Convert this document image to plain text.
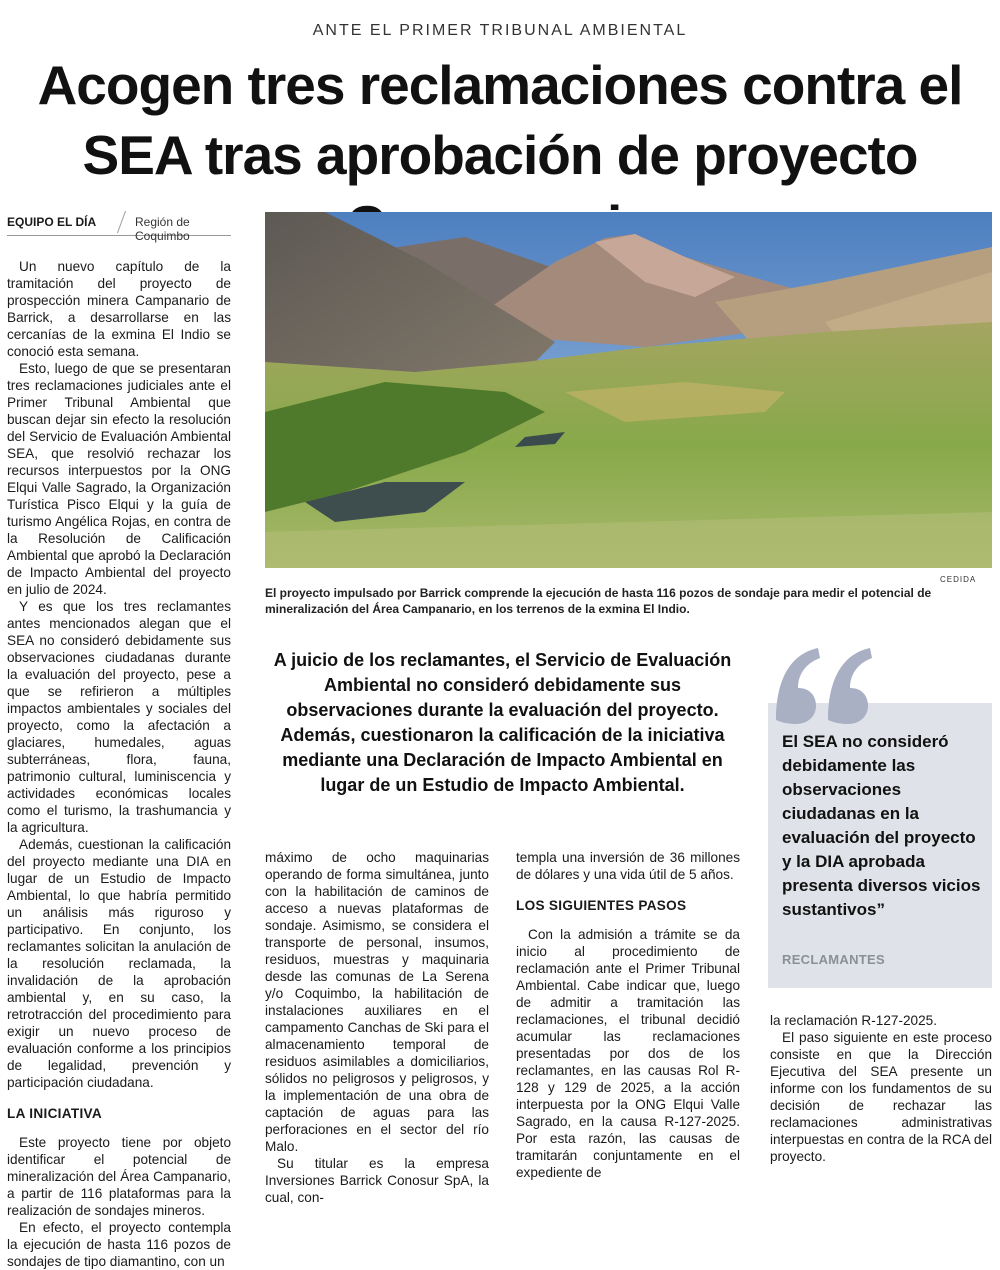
ANTE EL PRIMER TRIBUNAL AMBIENTAL
Acogen tres reclamaciones contra el SEA tras aprobación de proyecto
EQUIPO EL DÍA	Región de Coquimbo

Un nuevo capítulo de la tramitación del proyecto de prospección minera Campanario de Barrick, a desarrollarse en las cercanías de la exmina El Indio se conoció esta semana.

Esto, luego de que se presentaran tres reclamaciones judiciales ante el Primer Tribunal Ambiental que buscan dejar sin efecto la resolución del Servicio de Evaluación Ambiental SEA, que resolvió rechazar los recursos interpuestos por la ONG Elqui Valle Sagrado, la Organización Turística Pisco Elqui y la guía de turismo Angélica Rojas, en contra de la Resolución de Calificación Ambiental que aprobó la Declaración de Impacto Ambiental del proyecto en julio de 2024.

Y es que los tres reclamantes antes mencionados alegan que el SEA no consideró debidamente sus observaciones ciudadanas durante la evaluación del proyecto, pese a que se refirieron a múltiples impactos ambientales y sociales del proyecto, como la afectación a glaciares, humedales, aguas subterráneas, flora, fauna, patrimonio cultural, luminiscencia y actividades económicas locales como el turismo, la trashumancia y la agricultura.

Además, cuestionan la calificación del proyecto mediante una DIA en lugar de un Estudio de Impacto Ambiental, lo que habría permitido un análisis más riguroso y participativo. En conjunto, los reclamantes solicitan la anulación de la resolución reclamada, la invalidación de la aprobación ambiental y, en su caso, la retrotracción del procedimiento para exigir un nuevo proceso de evaluación conforme a los principios de legalidad, prevención y participación ciudadana.

LA INICIATIVA

Este proyecto tiene por objeto identificar el potencial de mineralización del Área Campanario, a partir de 116 plataformas para la realización de sondajes mineros.

En efecto, el proyecto contempla la ejecución de hasta 116 pozos de sondajes de tipo diamantino, con un

CEDIDA
El proyecto impulsado por Barrick comprende la ejecución de hasta 116 pozos de sondaje para medir el potencial de mineralización del Área Campanario, en los terrenos de la exmina El Indio.
A juicio de los reclamantes, el Servicio de Evaluación Ambiental no consideró debidamente sus observaciones durante la evaluación del proyecto. Además, cuestionaron la calificación de la iniciativa mediante una Declaración de Impacto Ambiental en lugar de un Estudio de Impacto Ambiental.
El SEA no consideró debidamente las observaciones ciudadanas en la evaluación del proyecto y la DIA aprobada presenta diversos vicios sustantivos”
RECLAMANTES

máximo de ocho maquinarias operando de forma simultánea, junto con la habilitación de caminos de acceso a nuevas plataformas de sondaje. Asimismo, se considera el transporte de personal, insumos, residuos, muestras y maquinaria desde las comunas de La Serena y/o Coquimbo, la habilitación de instalaciones auxiliares en el campamento Canchas de Ski para el almacenamiento temporal de residuos asimilables a domiciliarios, sólidos no peligrosos y peligrosos, y la implementación de una obra de captación de aguas para las perforaciones en el sector del río Malo.

Su titular es la empresa Inversiones Barrick Conosur SpA, la cual, con-

templa una inversión de 36 millones de dólares y una vida útil de 5 años.

LOS SIGUIENTES PASOS

Con la admisión a trámite se da inicio al procedimiento de reclamación ante el Primer Tribunal Ambiental. Cabe indicar que, luego de admitir a tramitación las reclamaciones, el tribunal decidió acumular las reclamaciones presentadas por dos de los reclamantes, en las causas Rol R-128 y 129 de 2025, a la acción interpuesta por la ONG Elqui Valle Sagrado, en la causa R-127-2025. Por esta razón, las causas de tramitarán conjuntamente en el expediente de

la reclamación R-127-2025.

El paso siguiente en este proceso consiste en que la Dirección Ejecutiva del SEA presente un informe con los fundamentos de su decisión de rechazar las reclamaciones administrativas interpuestas en contra de la RCA del proyecto.
